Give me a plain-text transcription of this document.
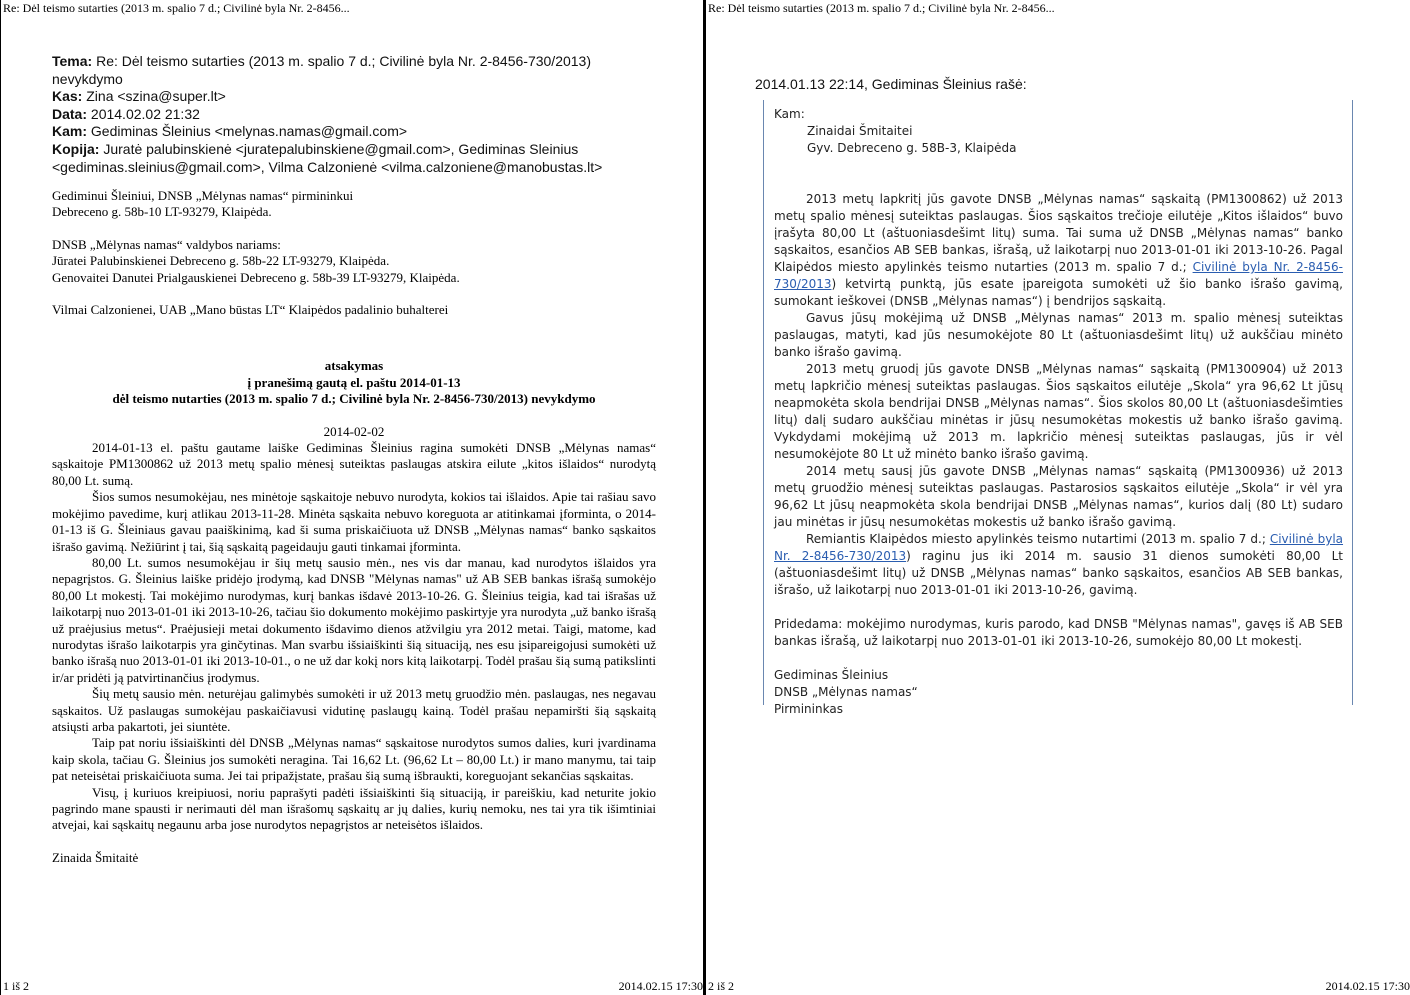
Re: Dėl teismo sutarties (2013 m. spalio 7 d.; Civilinė byla Nr. 2-8456...
Tema: Re: Dėl teismo sutarties (2013 m. spalio 7 d.; Civilinė byla Nr. 2-8456-730/2013) nevykdymo
Kas: Zina <szina@super.lt>
Data: 2014.02.02 21:32
Kam: Gediminas Šleinius <melynas.namas@gmail.com>
Kopija: Juratė palubinskienė <juratepalubinskiene@gmail.com>, Gediminas Sleinius <gediminas.sleinius@gmail.com>, Vilma Calzonienė <vilma.calzoniene@manobustas.lt>

Gediminui Šleiniui, DNSB „Mėlynas namas“ pirmininkui

Debreceno g. 58b-10 LT-93279, Klaipėda.

DNSB „Mėlynas namas“ valdybos nariams:

Jūratei Palubinskienei Debreceno g. 58b-22 LT-93279, Klaipėda.

Genovaitei Danutei Prialgauskienei Debreceno g. 58b-39 LT-93279, Klaipėda.

Vilmai Calzonienei, UAB „Mano būstas LT“ Klaipėdos padalinio buhalterei

atsakymas

į pranešimą gautą el. paštu 2014-01-13

dėl teismo nutarties (2013 m. spalio 7 d.; Civilinė byla Nr. 2-8456-730/2013) nevykdymo

2014-02-02

2014-01-13 el. paštu gautame laiške Gediminas Šleinius ragina sumokėti DNSB „Mėlynas namas“ sąskaitoje PM1300862 už 2013 metų spalio mėnesį suteiktas paslaugas atskira eilute „kitos išlaidos“ nurodytą 80,00 Lt. sumą.

Šios sumos nesumokėjau, nes minėtoje sąskaitoje nebuvo nurodyta, kokios tai išlaidos. Apie tai rašiau savo mokėjimo pavedime, kurį atlikau 2013-11-28. Minėta sąskaita nebuvo koreguota ar atitinkamai įforminta, o 2014-01-13 iš G. Šleiniaus gavau paaiškinimą, kad ši suma priskaičiuota už DNSB „Mėlynas namas“ banko sąskaitos išrašo gavimą. Nežiūrint į tai, šią sąskaitą pageidauju gauti tinkamai įforminta.

80,00 Lt. sumos nesumokėjau ir šių metų sausio mėn., nes vis dar manau, kad nurodytos išlaidos yra nepagrįstos. G. Šleinius laiške pridėjo įrodymą, kad DNSB "Mėlynas namas" už AB SEB bankas išrašą sumokėjo 80,00 Lt mokestį. Tai mokėjimo nurodymas, kurį bankas išdavė 2013-10-26. G. Šleinius teigia, kad tai išrašas už laikotarpį nuo 2013-01-01 iki 2013-10-26, tačiau šio dokumento mokėjimo paskirtyje yra nurodyta „už banko išrašą už praėjusius metus“. Praėjusieji metai dokumento išdavimo dienos atžvilgiu yra 2012 metai. Taigi, matome, kad nurodytas išrašo laikotarpis yra ginčytinas. Man svarbu išsiaiškinti šią situaciją, nes esu įsipareigojusi sumokėti už banko išrašą nuo 2013-01-01 iki 2013-10-01., o ne už dar kokį nors kitą laikotarpį. Todėl prašau šią sumą patikslinti ir/ar pridėti ją patvirtinančius įrodymus.

Šių metų sausio mėn. neturėjau galimybės sumokėti ir už 2013 metų gruodžio mėn. paslaugas, nes negavau sąskaitos. Už paslaugas sumokėjau paskaičiavusi vidutinę paslaugų kainą. Todėl prašau nepamiršti šią sąskaitą atsiųsti arba pakartoti, jei siuntėte.

Taip pat noriu išsiaiškinti dėl DNSB „Mėlynas namas“ sąskaitose nurodytos sumos dalies, kuri įvardinama kaip skola, tačiau G. Šleinius jos sumokėti neragina. Tai 16,62 Lt. (96,62 Lt – 80,00 Lt.) ir mano manymu, tai taip pat neteisėtai priskaičiuota suma. Jei tai pripažįstate, prašau šią sumą išbraukti, koreguojant sekančias sąskaitas.

Visų, į kuriuos kreipiuosi, noriu paprašyti padėti išsiaiškinti šią situaciją, ir pareiškiu, kad neturite jokio pagrindo mane spausti ir nerimauti dėl man išrašomų sąskaitų ar jų dalies, kurių nemoku, nes tai yra tik išimtiniai atvejai, kai sąskaitų negaunu arba jose nurodytos nepagrįstos ar neteisėtos išlaidos.

Zinaida Šmitaitė

1 iš 2	2014.02.15 17:30
Re: Dėl teismo sutarties (2013 m. spalio 7 d.; Civilinė byla Nr. 2-8456...
2 iš 2	2014.02.15 17:30
2014.01.13 22:14, Gediminas Šleinius rašė:

Kam:

Zinaidai Šmitaitei

Gyv. Debreceno g. 58B-3, Klaipėda

2013 metų lapkritį jūs gavote DNSB „Mėlynas namas“ sąskaitą (PM1300862) už 2013 metų spalio mėnesį suteiktas paslaugas. Šios sąskaitos trečioje eilutėje „Kitos išlaidos“ buvo įrašyta 80,00 Lt (aštuoniasdešimt litų) suma. Tai suma už DNSB „Mėlynas namas“ banko sąskaitos, esančios AB SEB bankas, išrašą, už laikotarpį nuo 2013-01-01 iki 2013-10-26. Pagal Klaipėdos miesto apylinkės teismo nutarties (2013 m. spalio 7 d.; Civilinė byla Nr. 2-8456-730/2013) ketvirtą punktą, jūs esate įpareigota sumokėti už šio banko išrašo gavimą, sumokant ieškovei (DNSB „Mėlynas namas“) į bendrijos sąskaitą.

Gavus jūsų mokėjimą už DNSB „Mėlynas namas“ 2013 m. spalio mėnesį suteiktas paslaugas, matyti, kad jūs nesumokėjote 80 Lt (aštuoniasdešimt litų) už aukščiau minėto banko išrašo gavimą.

2013 metų gruodį jūs gavote DNSB „Mėlynas namas“ sąskaitą (PM1300904) už 2013 metų lapkričio mėnesį suteiktas paslaugas. Šios sąskaitos eilutėje „Skola“ yra 96,62 Lt jūsų neapmokėta skola bendrijai DNSB „Mėlynas namas“. Šios skolos 80,00 Lt (aštuoniasdešimties litų) dalį sudaro aukščiau minėtas ir jūsų nesumokėtas mokestis už banko išrašo gavimą. Vykdydami mokėjimą už 2013 m. lapkričio mėnesį suteiktas paslaugas, jūs ir vėl nesumokėjote 80 Lt už minėto banko išrašo gavimą.

2014 metų sausį jūs gavote DNSB „Mėlynas namas“ sąskaitą (PM1300936) už 2013 metų gruodžio mėnesį suteiktas paslaugas. Pastarosios sąskaitos eilutėje „Skola“ ir vėl yra 96,62 Lt jūsų neapmokėta skola bendrijai DNSB „Mėlynas namas“, kurios dalį (80 Lt) sudaro jau minėtas ir jūsų nesumokėtas mokestis už banko išrašo gavimą.

Remiantis Klaipėdos miesto apylinkės teismo nutartimi (2013 m. spalio 7 d.; Civilinė byla Nr. 2-8456-730/2013) raginu jus iki 2014 m. sausio 31 dienos sumokėti 80,00 Lt (aštuoniasdešimt litų) už DNSB „Mėlynas namas“ banko sąskaitos, esančios AB SEB bankas, išrašo, už laikotarpį nuo 2013-01-01 iki 2013-10-26, gavimą.

Pridedama: mokėjimo nurodymas, kuris parodo, kad DNSB "Mėlynas namas", gavęs iš AB SEB bankas išrašą, už laikotarpį nuo 2013-01-01 iki 2013-10-26, sumokėjo 80,00 Lt mokestį.

Gediminas Šleinius

DNSB „Mėlynas namas“

Pirmininkas
